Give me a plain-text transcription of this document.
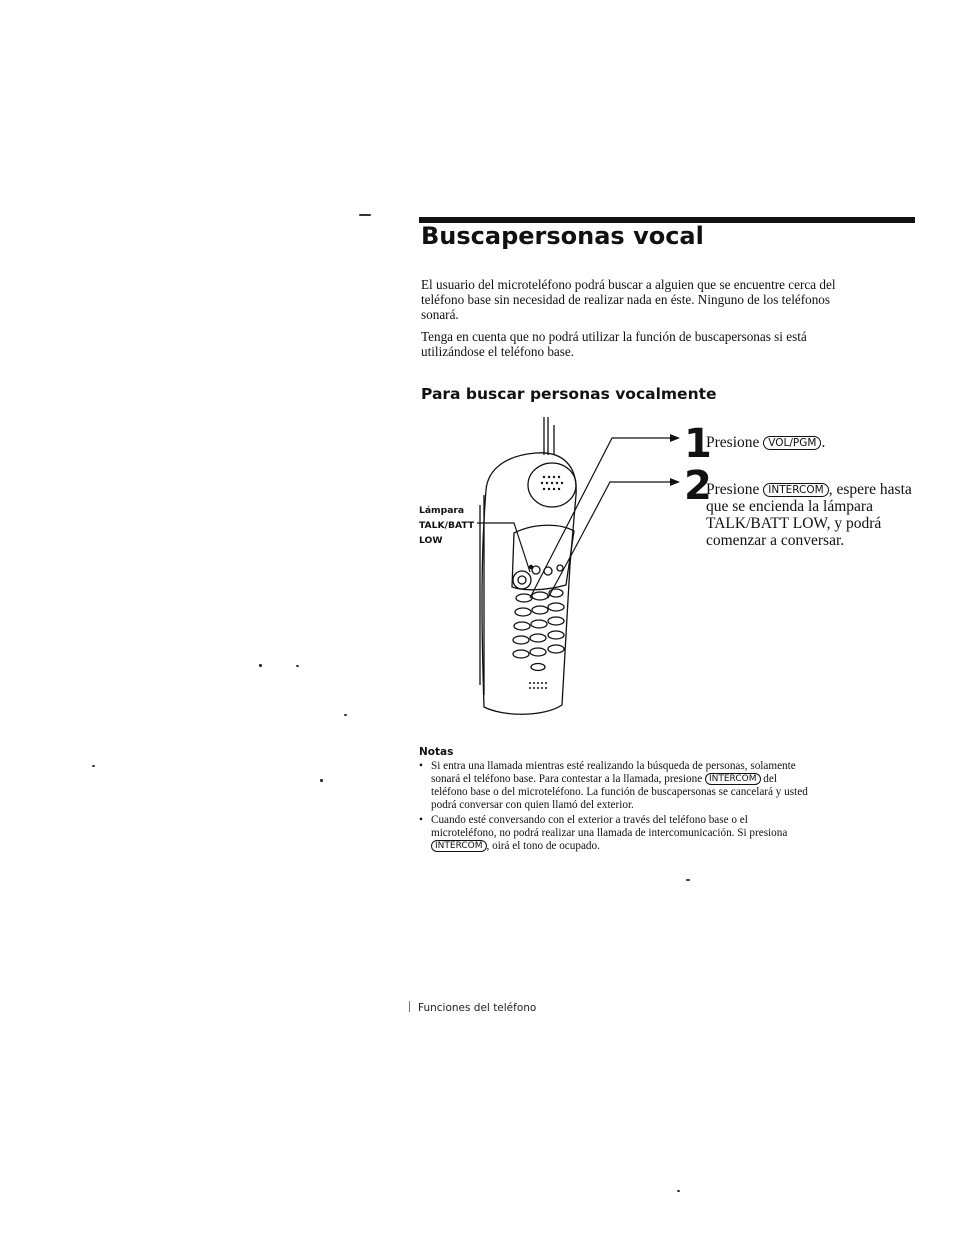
Buscapersonas vocal

El usuario del microteléfono podrá buscar a alguien que se encuentre cerca del teléfono base sin necesidad de realizar nada en éste. Ninguno de los teléfonos sonará.

Tenga en cuenta que no podrá utilizar la función de buscapersonas si está utilizándose el teléfono base.

Para buscar personas vocalmente
Lámpara
TALK/BATT
LOW
1

Presione VOL/PGM .

2

Presione INTERCOM , espere hasta que se encienda la lámpara TALK/BATT LOW, y podrá comenzar a conversar.

Notas
• Si entra una llamada mientras esté realizando la búsqueda de personas, solamente sonará el teléfono base. Para contestar a la llamada, presione INTERCOM del teléfono base o del microteléfono. La función de buscapersonas se cancelará y usted podrá conversar con quien llamó del exterior.
• Cuando esté conversando con el exterior a través del teléfono base o el microteléfono, no podrá realizar una llamada de intercomunicación. Si presiona INTERCOM , oirá el tono de ocupado.
Funciones del teléfono
